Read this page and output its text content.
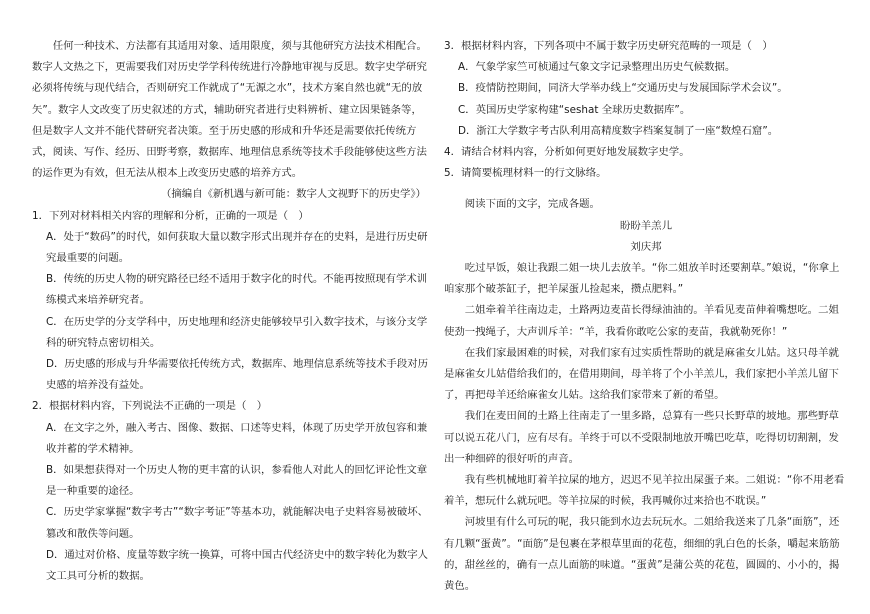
任何一种技术、方法都有其适用对象、适用限度，须与其他研究方法技术相配合。数字人文热之下，更需要我们对历史学学科传统进行冷静地审视与反思。数字史学研究必须将传统与现代结合，否则研究工作就成了“无源之水”，技术方案自然也就“无的放矢”。数字人文改变了历史叙述的方式，辅助研究者进行史料辨析、建立因果链条等，但是数字人文并不能代替研究者决策。至于历史感的形成和升华还是需要依托传统方式，阅读、写作、经历、田野考察，数据库、地理信息系统等技术手段能够使这些方法的运作更为有效，但无法从根本上改变历史感的培养方式。

（摘编自《新机遇与新可能：数字人文视野下的历史学》）

1．下列对材料相关内容的理解和分析，正确的一项是（　）

A．处于“数码”的时代，如何获取大量以数字形式出现并存在的史料，是进行历史研究最重要的问题。

B．传统的历史人物的研究路径已经不适用于数字化的时代。不能再按照现有学术训练模式来培养研究者。

C．在历史学的分支学科中，历史地理和经济史能够较早引入数字技术，与该分支学科的研究特点密切相关。

D．历史感的形成与升华需要依托传统方式，数据库、地理信息系统等技术手段对历史感的培养没有益处。

2．根据材料内容，下列说法不正确的一项是（　）

A．在文字之外，融入考古、图像、数据、口述等史料，体现了历史学开放包容和兼收并蓄的学术精神。

B．如果想获得对一个历史人物的更丰富的认识，参看他人对此人的回忆评论性文章是一种重要的途径。

C．历史学家掌握“数字考古”“数字考证”等基本功，就能解决电子史料容易被破坏、篡改和散佚等问题。

D．通过对价格、度量等数字统一换算，可将中国古代经济史中的数字转化为数字人文工具可分析的数据。

3．根据材料内容，下列各项中不属于数字历史研究范畴的一项是（　）

A．气象学家竺可桢通过气象文字记录整理出历史气候数据。

B．疫情防控期间，同济大学举办线上“交通历史与发展国际学术会议”。

C．英国历史学家构建“seshat 全球历史数据库”。

D．浙江大学数字考古队利用高精度数字档案复制了一座“数煌石窟”。

4．请结合材料内容，分析如何更好地发展数字史学。

5．请简要梳理材料一的行文脉络。

阅读下面的文字，完成各题。

盼盼羊羔儿

刘庆邦

吃过早饭，娘让我跟二姐一块儿去放羊。“你二姐放羊时还要割草。”娘说，“你拿上咱家那个破茶缸子，把羊屎蛋儿捡起来，攒点肥料。”

二姐牵着羊往南边走，土路两边麦苗长得绿油油的。羊看见麦苗伸着嘴想吃。二姐使劲一拽绳子，大声训斥羊：“羊，我看你敢吃公家的麦苗，我就勒死你！”

在我们家最困难的时候，对我们家有过实质性帮助的就是麻雀女儿姑。这只母羊就是麻雀女儿姑借给我们的，在借用期间，母羊将了个小羊羔儿，我们家把小羊羔儿留下了，再把母羊还给麻雀女儿姑。这给我们家带来了新的希望。

我们在麦田间的土路上往南走了一里多路，总算有一些只长野草的坡地。那些野草可以说五花八门，应有尽有。羊终于可以不受限制地放开嘴巴吃草，吃得切切割割，发出一种细碎的很好听的声音。

我有些机械地盯着羊拉屎的地方，迟迟不见羊拉出屎蛋子来。二姐说：“你不用老看着羊，想玩什么就玩吧。等羊拉屎的时候，我再喊你过来拾也不耽误。”

河坡里有什么可玩的呢，我只能到水边去玩玩水。二姐给我送来了几条“面筋”，还有几颗“蛋黄”。“面筋”是包裹在茅根草里面的花苞，细细的乳白色的长条，嚼起来筋筋的，甜丝丝的，确有一点儿面筋的味道。“蛋黄”是蒲公英的花苞，圆圆的、小小的，揭黄色。
